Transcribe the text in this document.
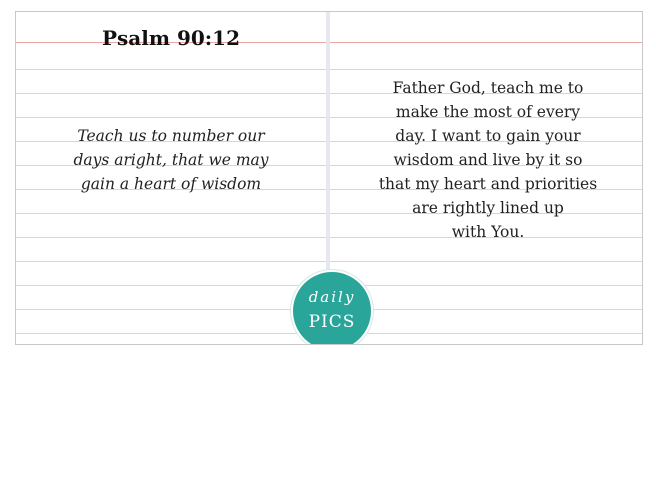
Psalm 90:12
Teach us to number our
days aright, that we may
gain a heart of wisdom
Father God, teach me to
make the most of every
day. I want to gain your
wisdom and live by it so
that my heart and priorities
are rightly lined up
with You.
daily
PICS
